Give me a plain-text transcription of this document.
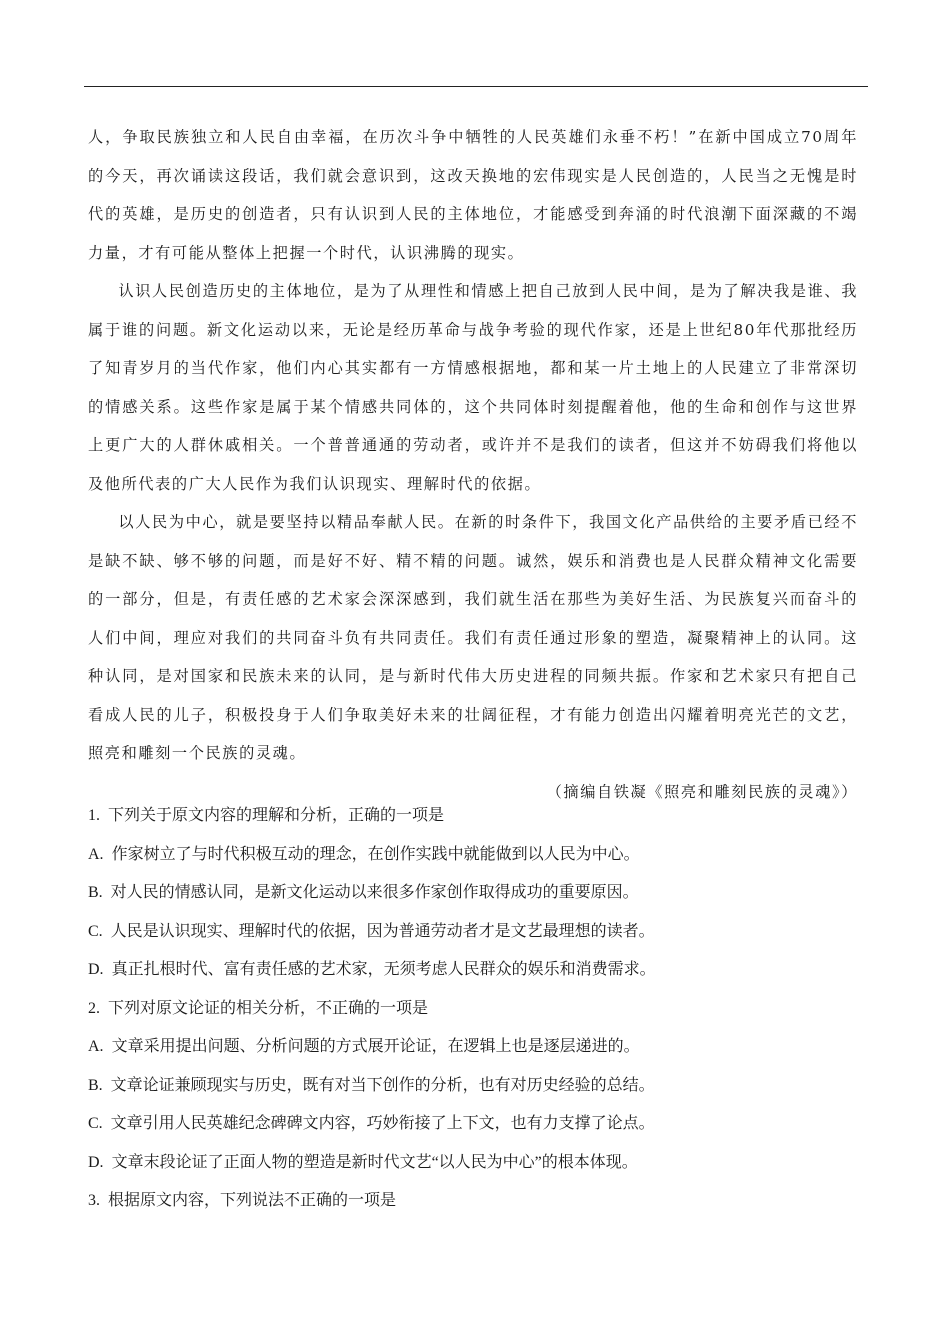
人，争取民族独立和人民自由幸福，在历次斗争中牺牲的人民英雄们永垂不朽！”在新中国成立70周年的今天，再次诵读这段话，我们就会意识到，这改天换地的宏伟现实是人民创造的，人民当之无愧是时代的英雄，是历史的创造者，只有认识到人民的主体地位，才能感受到奔涌的时代浪潮下面深藏的不竭力量，才有可能从整体上把握一个时代，认识沸腾的现实。

认识人民创造历史的主体地位，是为了从理性和情感上把自己放到人民中间，是为了解决我是谁、我属于谁的问题。新文化运动以来，无论是经历革命与战争考验的现代作家，还是上世纪80年代那批经历了知青岁月的当代作家，他们内心其实都有一方情感根据地，都和某一片土地上的人民建立了非常深切的情感关系。这些作家是属于某个情感共同体的，这个共同体时刻提醒着他，他的生命和创作与这世界上更广大的人群休戚相关。一个普普通通的劳动者，或许并不是我们的读者，但这并不妨碍我们将他以及他所代表的广大人民作为我们认识现实、理解时代的依据。

以人民为中心，就是要坚持以精品奉献人民。在新的时条件下，我国文化产品供给的主要矛盾已经不是缺不缺、够不够的问题，而是好不好、精不精的问题。诚然，娱乐和消费也是人民群众精神文化需要的一部分，但是，有责任感的艺术家会深深感到，我们就生活在那些为美好生活、为民族复兴而奋斗的人们中间，理应对我们的共同奋斗负有共同责任。我们有责任通过形象的塑造，凝聚精神上的认同。这种认同，是对国家和民族未来的认同，是与新时代伟大历史进程的同频共振。作家和艺术家只有把自己看成人民的儿子，积极投身于人们争取美好未来的壮阔征程，才有能力创造出闪耀着明亮光芒的文艺，照亮和雕刻一个民族的灵魂。

（摘编自铁凝《照亮和雕刻民族的灵魂》）

1. 下列关于原文内容的理解和分析，正确的一项是

A. 作家树立了与时代积极互动的理念，在创作实践中就能做到以人民为中心。

B. 对人民的情感认同，是新文化运动以来很多作家创作取得成功的重要原因。

C. 人民是认识现实、理解时代的依据，因为普通劳动者才是文艺最理想的读者。

D. 真正扎根时代、富有责任感的艺术家，无须考虑人民群众的娱乐和消费需求。

2. 下列对原文论证的相关分析，不正确的一项是

A. 文章采用提出问题、分析问题的方式展开论证，在逻辑上也是逐层递进的。

B. 文章论证兼顾现实与历史，既有对当下创作的分析，也有对历史经验的总结。

C. 文章引用人民英雄纪念碑碑文内容，巧妙衔接了上下文，也有力支撑了论点。

D. 文章末段论证了正面人物的塑造是新时代文艺“以人民为中心”的根本体现。

3. 根据原文内容，下列说法不正确的一项是
